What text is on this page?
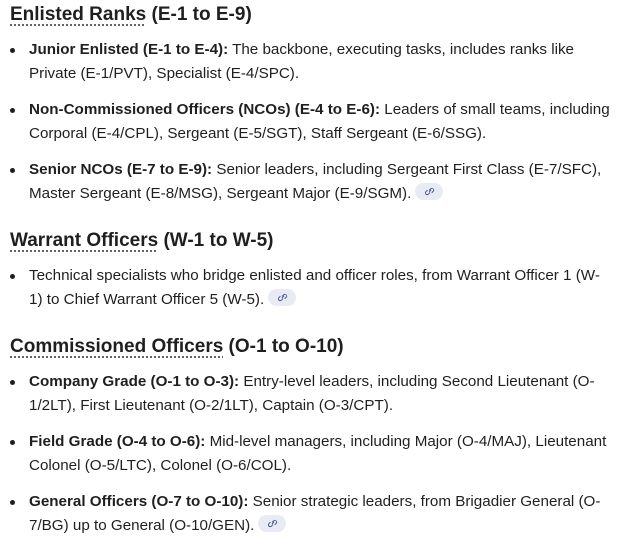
Enlisted Ranks (E-1 to E-9)
Junior Enlisted (E-1 to E-4): The backbone, executing tasks, includes ranks like
Private (E-1/PVT), Specialist (E-4/SPC).
Non-Commissioned Officers (NCOs) (E-4 to E-6): Leaders of small teams, including
Corporal (E-4/CPL), Sergeant (E-5/SGT), Staff Sergeant (E-6/SSG).
Senior NCOs (E-7 to E-9): Senior leaders, including Sergeant First Class (E-7/SFC),
Master Sergeant (E-8/MSG), Sergeant Major (E-9/SGM).
Warrant Officers (W-1 to W-5)
Technical specialists who bridge enlisted and officer roles, from Warrant Officer 1 (W-
1) to Chief Warrant Officer 5 (W-5).
Commissioned Officers (O-1 to O-10)
Company Grade (O-1 to O-3): Entry-level leaders, including Second Lieutenant (O-
1/2LT), First Lieutenant (O-2/1LT), Captain (O-3/CPT).
Field Grade (O-4 to O-6): Mid-level managers, including Major (O-4/MAJ), Lieutenant
Colonel (O-5/LTC), Colonel (O-6/COL).
General Officers (O-7 to O-10): Senior strategic leaders, from Brigadier General (O-
7/BG) up to General (O-10/GEN).
